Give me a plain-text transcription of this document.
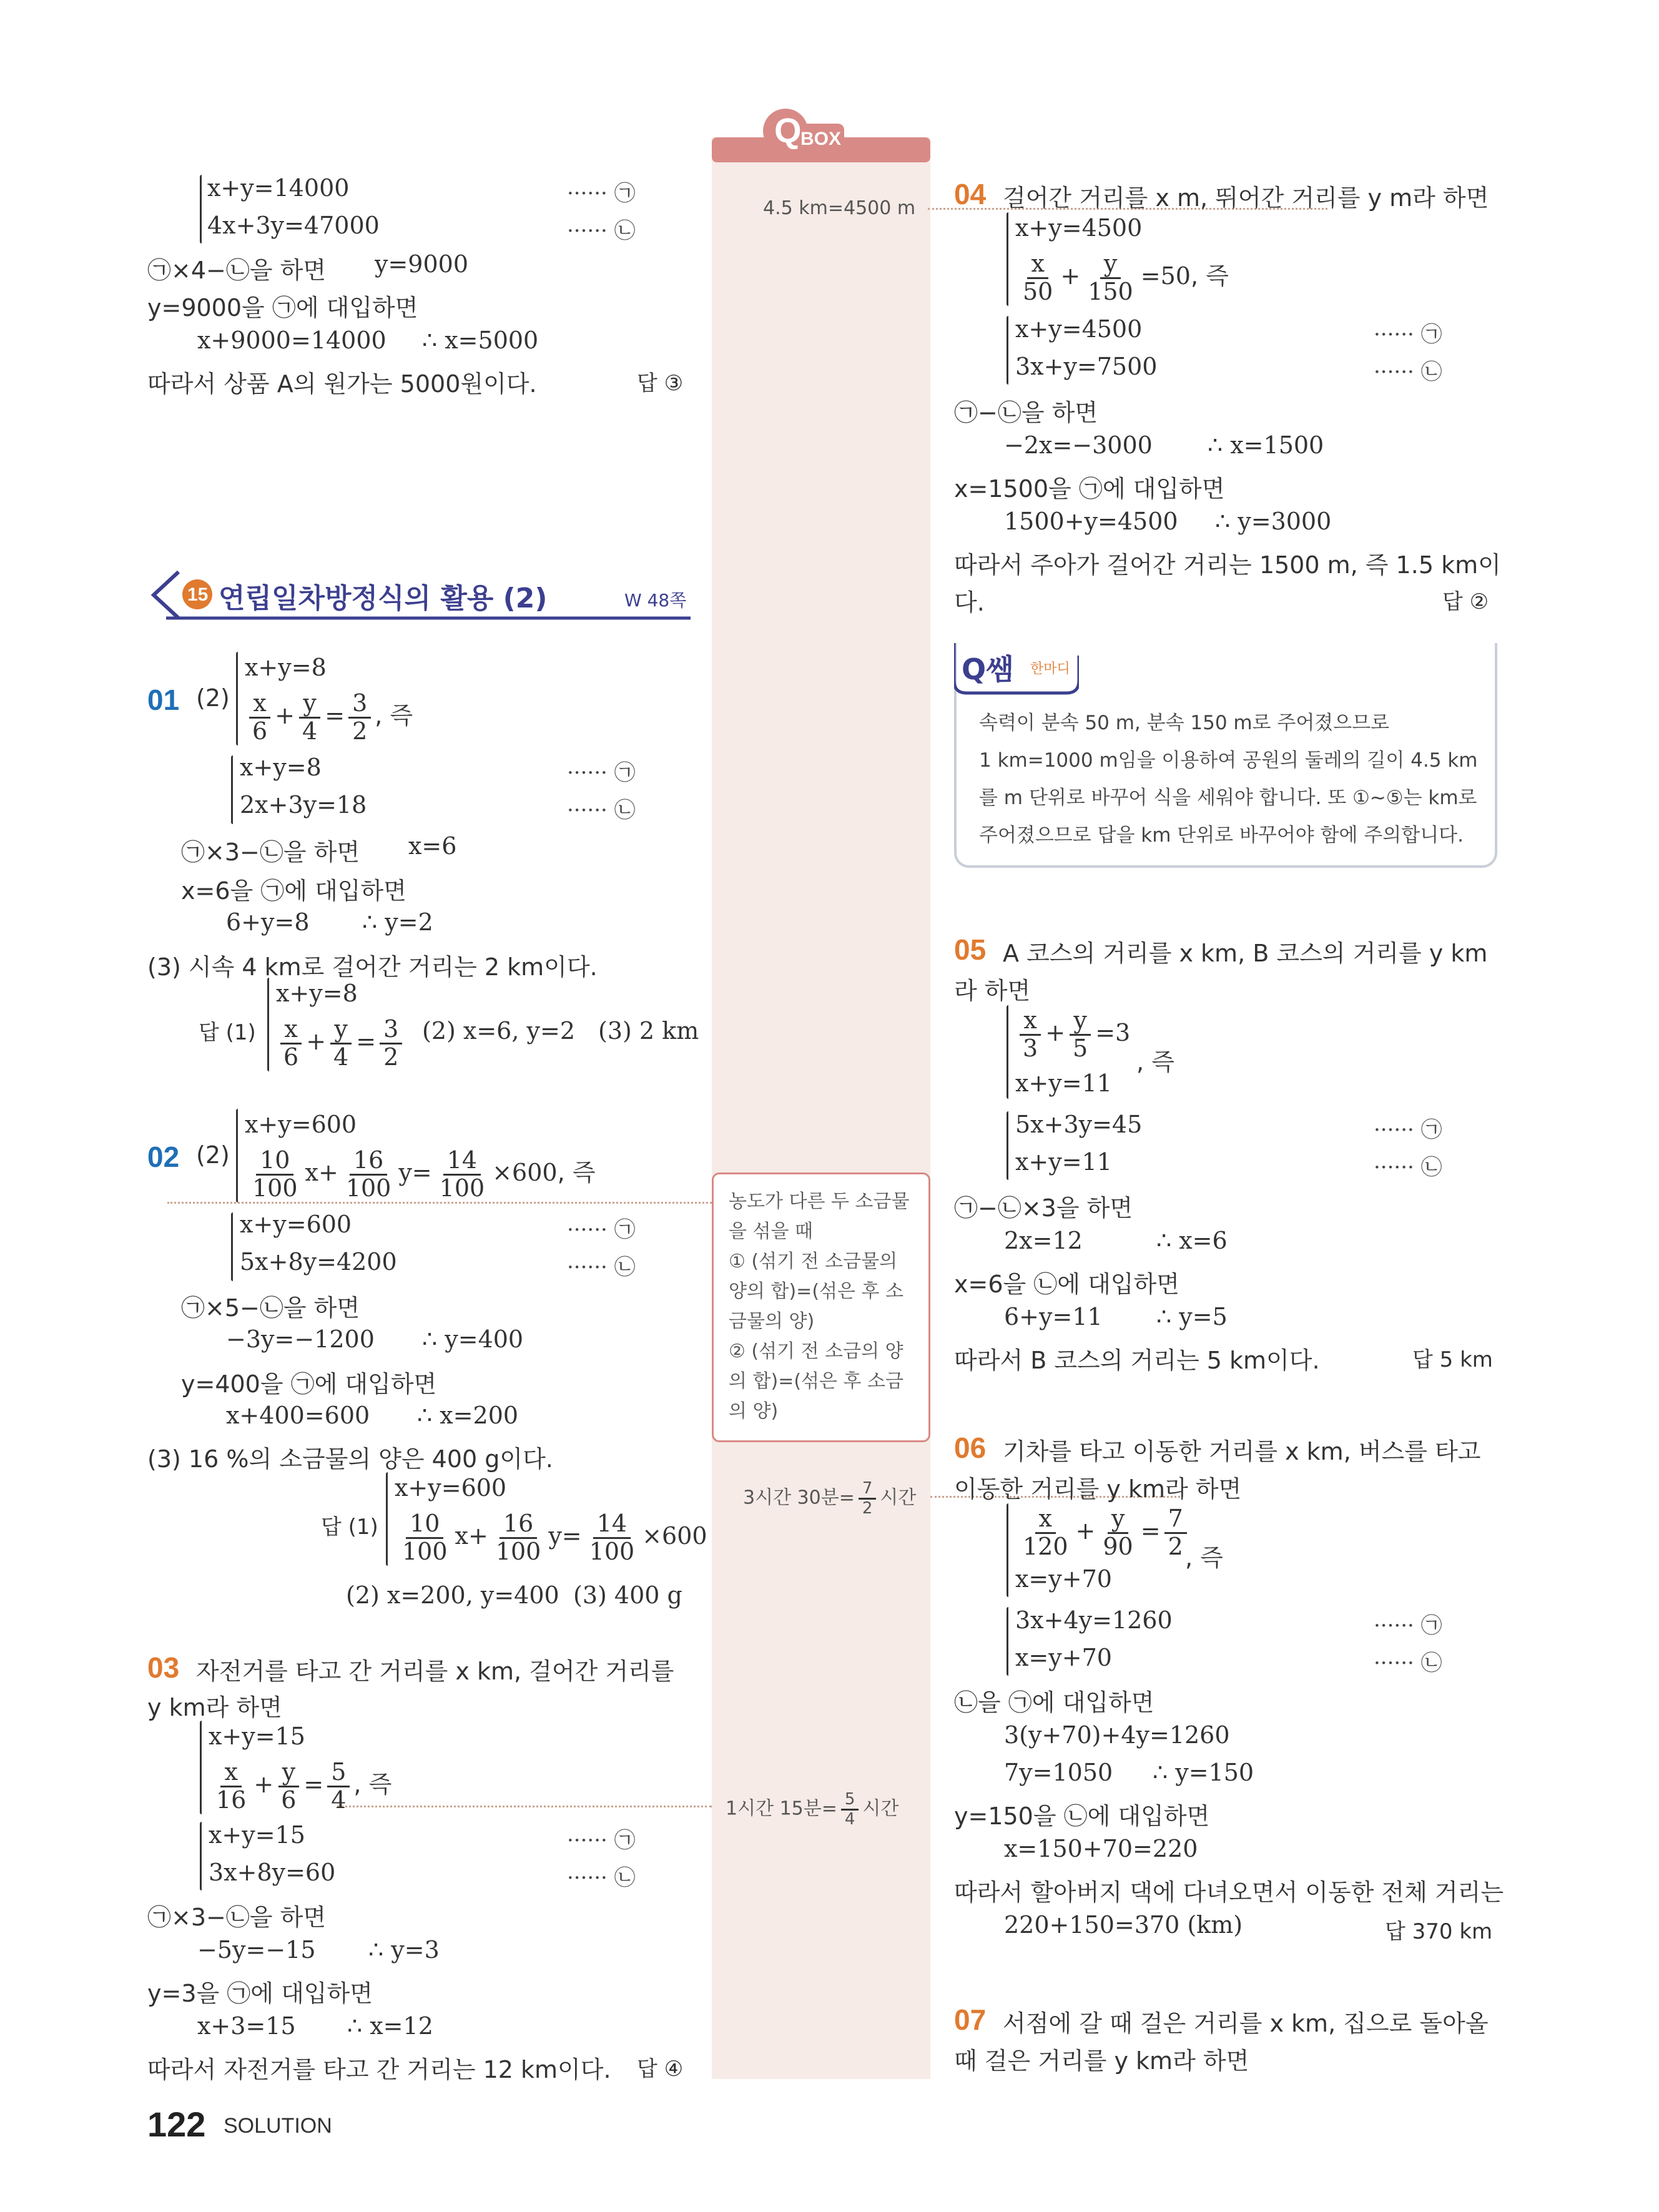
Q
BOX
4.5 km=4500 m
농도가 다른 두 소금물을 섞을 때
① (섞기 전 소금물의 양의 합)=(섞은 후 소금물의 양)
② (섞기 전 소금의 양의 합)=(섞은 후 소금의 양)
3시간 30분= $\frac{7}{2}$ 시간
1시간 15분= $\frac{5}{4}$ 시간
x+y=14000
4x+3y=47000
······ ㉠
······ ㉡
㉠×4−㉡을 하면 y=9000
y=9000을 ㉠에 대입하면
x+9000=14000 ∴ x=5000
따라서 상품 A의 원가는 5000원이다.	답 ③
15 연립일차방정식의 활용 (2)	W 48쪽
01 (2)
x+y=8
$\frac{x}{6} + \frac{y}{4} = \frac{3}{2}$ , 즉
x+y=8
2x+3y=18
······ ㉠
······ ㉡
㉠×3−㉡을 하면 x=6
x=6을 ㉠에 대입하면
6+y=8 ∴ y=2
(3) 시속 4 km로 걸어간 거리는 2 km이다.
답 (1)
x+y=8
$\frac{x}{6} + \frac{y}{4} = \frac{3}{2} (2)$ x=6, y=2 (3) 2 km
02 (2)
x+y=600
$\frac{10}{100} x+ \frac{16}{100} y= \frac{14}{100} \times 600$, 즉
x+y=600
5x+8y=4200
······ ㉠
······ ㉡
㉠×5−㉡을 하면
−3y=−1200 ∴ y=400
y=400을 ㉠에 대입하면
x+400=600 ∴ x=200
(3) 16 %의 소금물의 양은 400 g이다.
답 (1)
x+y=600
$\frac{10}{100} x+ \frac{16}{100} y= \frac{14}{100} \times 600$
(2) x=200, y=400 (3) 400 g
03 자전거를 타고 간 거리를 x km, 걸어간 거리를
y km라 하면
x+y=15
$\frac{x}{16} + \frac{y}{6} = \frac{5}{4}$ , 즉
x+y=15
3x+8y=60
······ ㉠
······ ㉡
㉠×3−㉡을 하면
−5y=−15 ∴ y=3
y=3을 ㉠에 대입하면
x+3=15 ∴ x=12
따라서 자전거를 타고 간 거리는 12 km이다. 답 ④
04 걸어간 거리를 x m, 뛰어간 거리를 y m라 하면
x+y=4500
$\frac{x}{50} + \frac{y}{150} =50$, 즉
x+y=4500
3x+y=7500
······ ㉠
······ ㉡
㉠−㉡을 하면
−2x=−3000 ∴ x=1500
x=1500을 ㉠에 대입하면
1500+y=4500 ∴ y=3000
따라서 주아가 걸어간 거리는 1500 m, 즉 1.5 km이
다.	답 ②
Q쌤 한마디
속력이 분속 50 m, 분속 150 m로 주어졌으므로
1 km=1000 m임을 이용하여 공원의 둘레의 길이 4.5 km
를 m 단위로 바꾸어 식을 세워야 합니다. 또 ①~⑤는 km로
주어졌으므로 답을 km 단위로 바꾸어야 함에 주의합니다.
05 A 코스의 거리를 x km, B 코스의 거리를 y km
라 하면
$\frac{x}{3} + \frac{y}{5} =3$
x+y=11
, 즉
5x+3y=45
x+y=11
······ ㉠
······ ㉡
㉠−㉡×3을 하면
2x=12	∴ x=6
x=6을 ㉡에 대입하면
6+y=11 ∴ y=5
따라서 B 코스의 거리는 5 km이다.	답 5 km
06 기차를 타고 이동한 거리를 x km, 버스를 타고
이동한 거리를 y km라 하면
$\frac{x}{120} + \frac{y}{90} = \frac{7}{2}$
x=y+70
, 즉
3x+4y=1260
x=y+70
······ ㉠
······ ㉡
㉡을 ㉠에 대입하면
3(y+70)+4y=1260
7y=1050 ∴ y=150
y=150을 ㉡에 대입하면
x=150+70=220
따라서 할아버지 댁에 다녀오면서 이동한 전체 거리는
220+150=370 (km)	답 370 km
07 서점에 갈 때 걸은 거리를 x km, 집으로 돌아올
때 걸은 거리를 y km라 하면
122 SOLUTION
